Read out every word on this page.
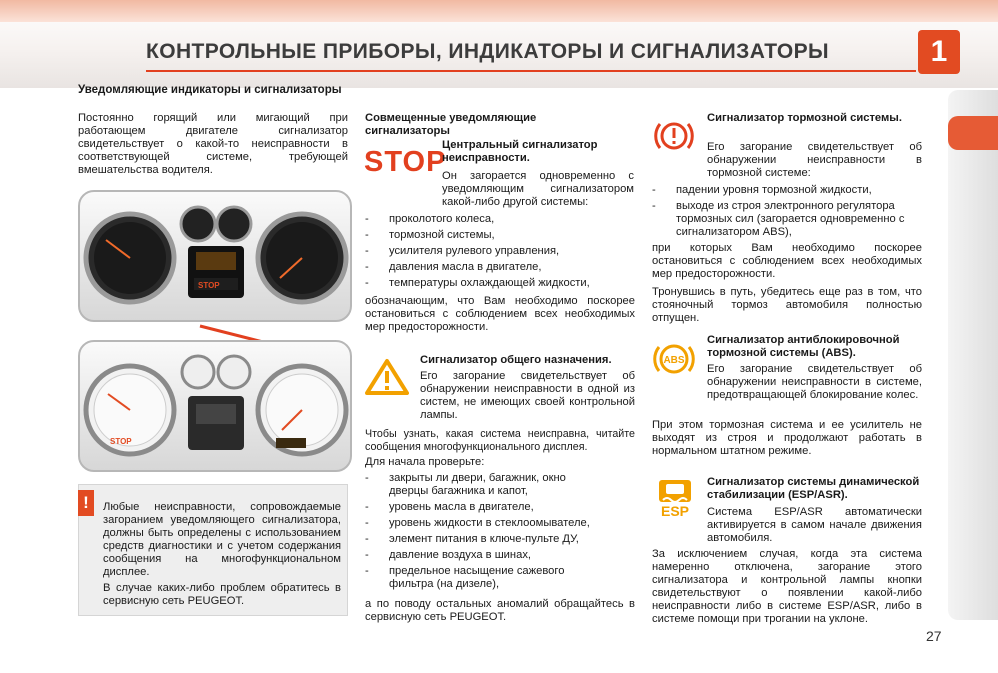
КОНТРОЛЬНЫЕ ПРИБОРЫ, ИНДИКАТОРЫ И СИГНАЛИЗАТОРЫ	1
Уведомляющие индикаторы и сигнализаторы
Постоянно горящий или мигающий при работающем двигателе сигнализатор свидетельствует о какой-то неисправности в соответствующей системе, требующей вмешательства водителя.
STOP
STOP
Любые неисправности, сопровождаемые загоранием уведомляющего сигнализатора, должны быть определены с использованием средств диагностики и с учетом содержания сообщения на многофункциональном дисплее.
В случае каких-либо проблем обратитесь в сервисную сеть PEUGEOT.
!
Совмещенные уведомляющие сигнализаторы
STOP
Центральный сигнализатор неисправности.
Он загорается одновременно с уведомляющим сигнализатором какой-либо другой системы:
- проколотого колеса,
- тормозной системы,
- усилителя рулевого управления,
- давления масла в двигателе,
- температуры охлаждающей жидкости,
обозначающим, что Вам необходимо поскорее остановиться с соблюдением всех необходимых мер предосторожности.
Сигнализатор общего назначения.
Его загорание свидетельствует об обнаружении неисправности в одной из систем, не имеющих своей контрольной лампы.
Чтобы узнать, какая система неисправна, читайте сообщения многофункционального дисплея.
Для начала проверьте:
- закрыты ли двери, багажник, окно дверцы багажника и капот,
- уровень масла в двигателе,
- уровень жидкости в стеклоомывателе,
- элемент питания в ключе-пульте ДУ,
- давление воздуха в шинах,
- предельное насыщение сажевого фильтра (на дизеле),
а по поводу остальных аномалий обращайтесь в сервисную сеть PEUGEOT.
Сигнализатор тормозной системы.
Его загорание свидетельствует об обнаружении неисправности в тормозной системе:
- падении уровня тормозной жидкости,
- выходе из строя электронного регулятора тормозных сил (загорается одновременно с сигнализатором ABS),
при которых Вам необходимо поскорее остановиться с соблюдением всех необходимых мер предосторожности.
Тронувшись в путь, убедитесь еще раз в том, что стояночный тормоз автомобиля полностью отпущен.
ABS
Сигнализатор антиблокировочной тормозной системы (ABS).
Его загорание свидетельствует об обнаружении неисправности в системе, предотвращающей блокирование колес.
При этом тормозная система и ее усилитель не выходят из строя и продолжают работать в нормальном штатном режиме.
ESP
Сигнализатор системы динамической стабилизации (ESP/ASR).
Система ESP/ASR автоматически активируется в самом начале движения автомобиля.
За исключением случая, когда эта система намеренно отключена, загорание этого сигнализатора и контрольной лампы кнопки свидетельствуют о появлении какой-либо неисправности либо в системе ESP/ASR, либо в системе помощи при трогании на уклоне.
27
